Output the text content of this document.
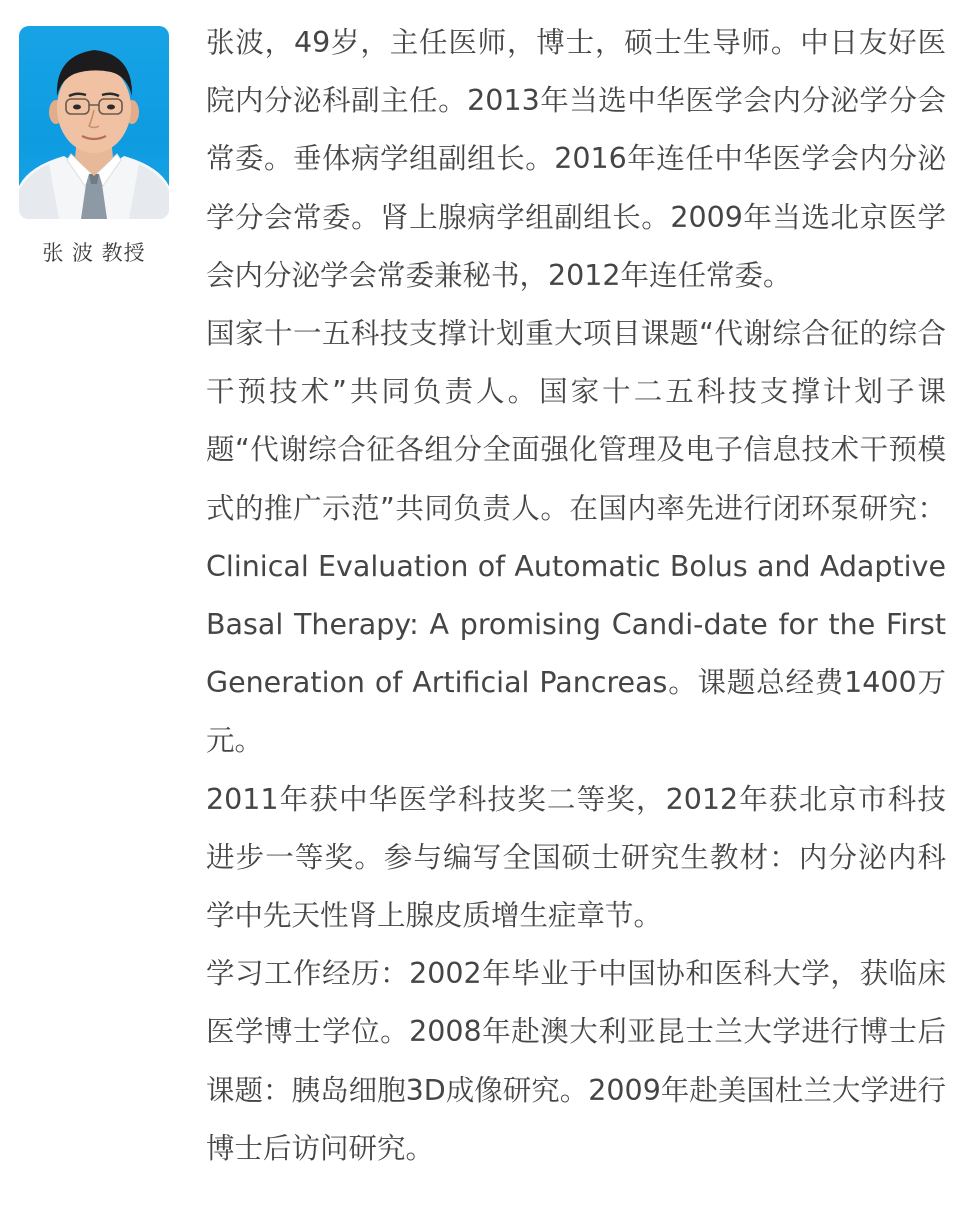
张 波 教授

张波，49岁，主任医师，博士，硕士生导师。中日友好医院内分泌科副主任。2013年当选中华医学会内分泌学分会常委。垂体病学组副组长。2016年连任中华医学会内分泌学分会常委。肾上腺病学组副组长。2009年当选北京医学会内分泌学会常委兼秘书，2012年连任常委。

国家十一五科技支撑计划重大项目课题“代谢综合征的综合干预技术”共同负责人。国家十二五科技支撑计划子课题“代谢综合征各组分全面强化管理及电子信息技术干预模式的推广示范”共同负责人。在国内率先进行闭环泵研究：Clinical Evaluation of Automatic Bolus and Adaptive Basal Therapy: A promising Candi-date for the First Generation of Artificial Pancreas。课题总经费1400万元。

2011年获中华医学科技奖二等奖，2012年获北京市科技进步一等奖。参与编写全国硕士研究生教材：内分泌内科学中先天性肾上腺皮质增生症章节。

学习工作经历：2002年毕业于中国协和医科大学，获临床医学博士学位。2008年赴澳大利亚昆士兰大学进行博士后课题：胰岛细胞3D成像研究。2009年赴美国杜兰大学进行博士后访问研究。
